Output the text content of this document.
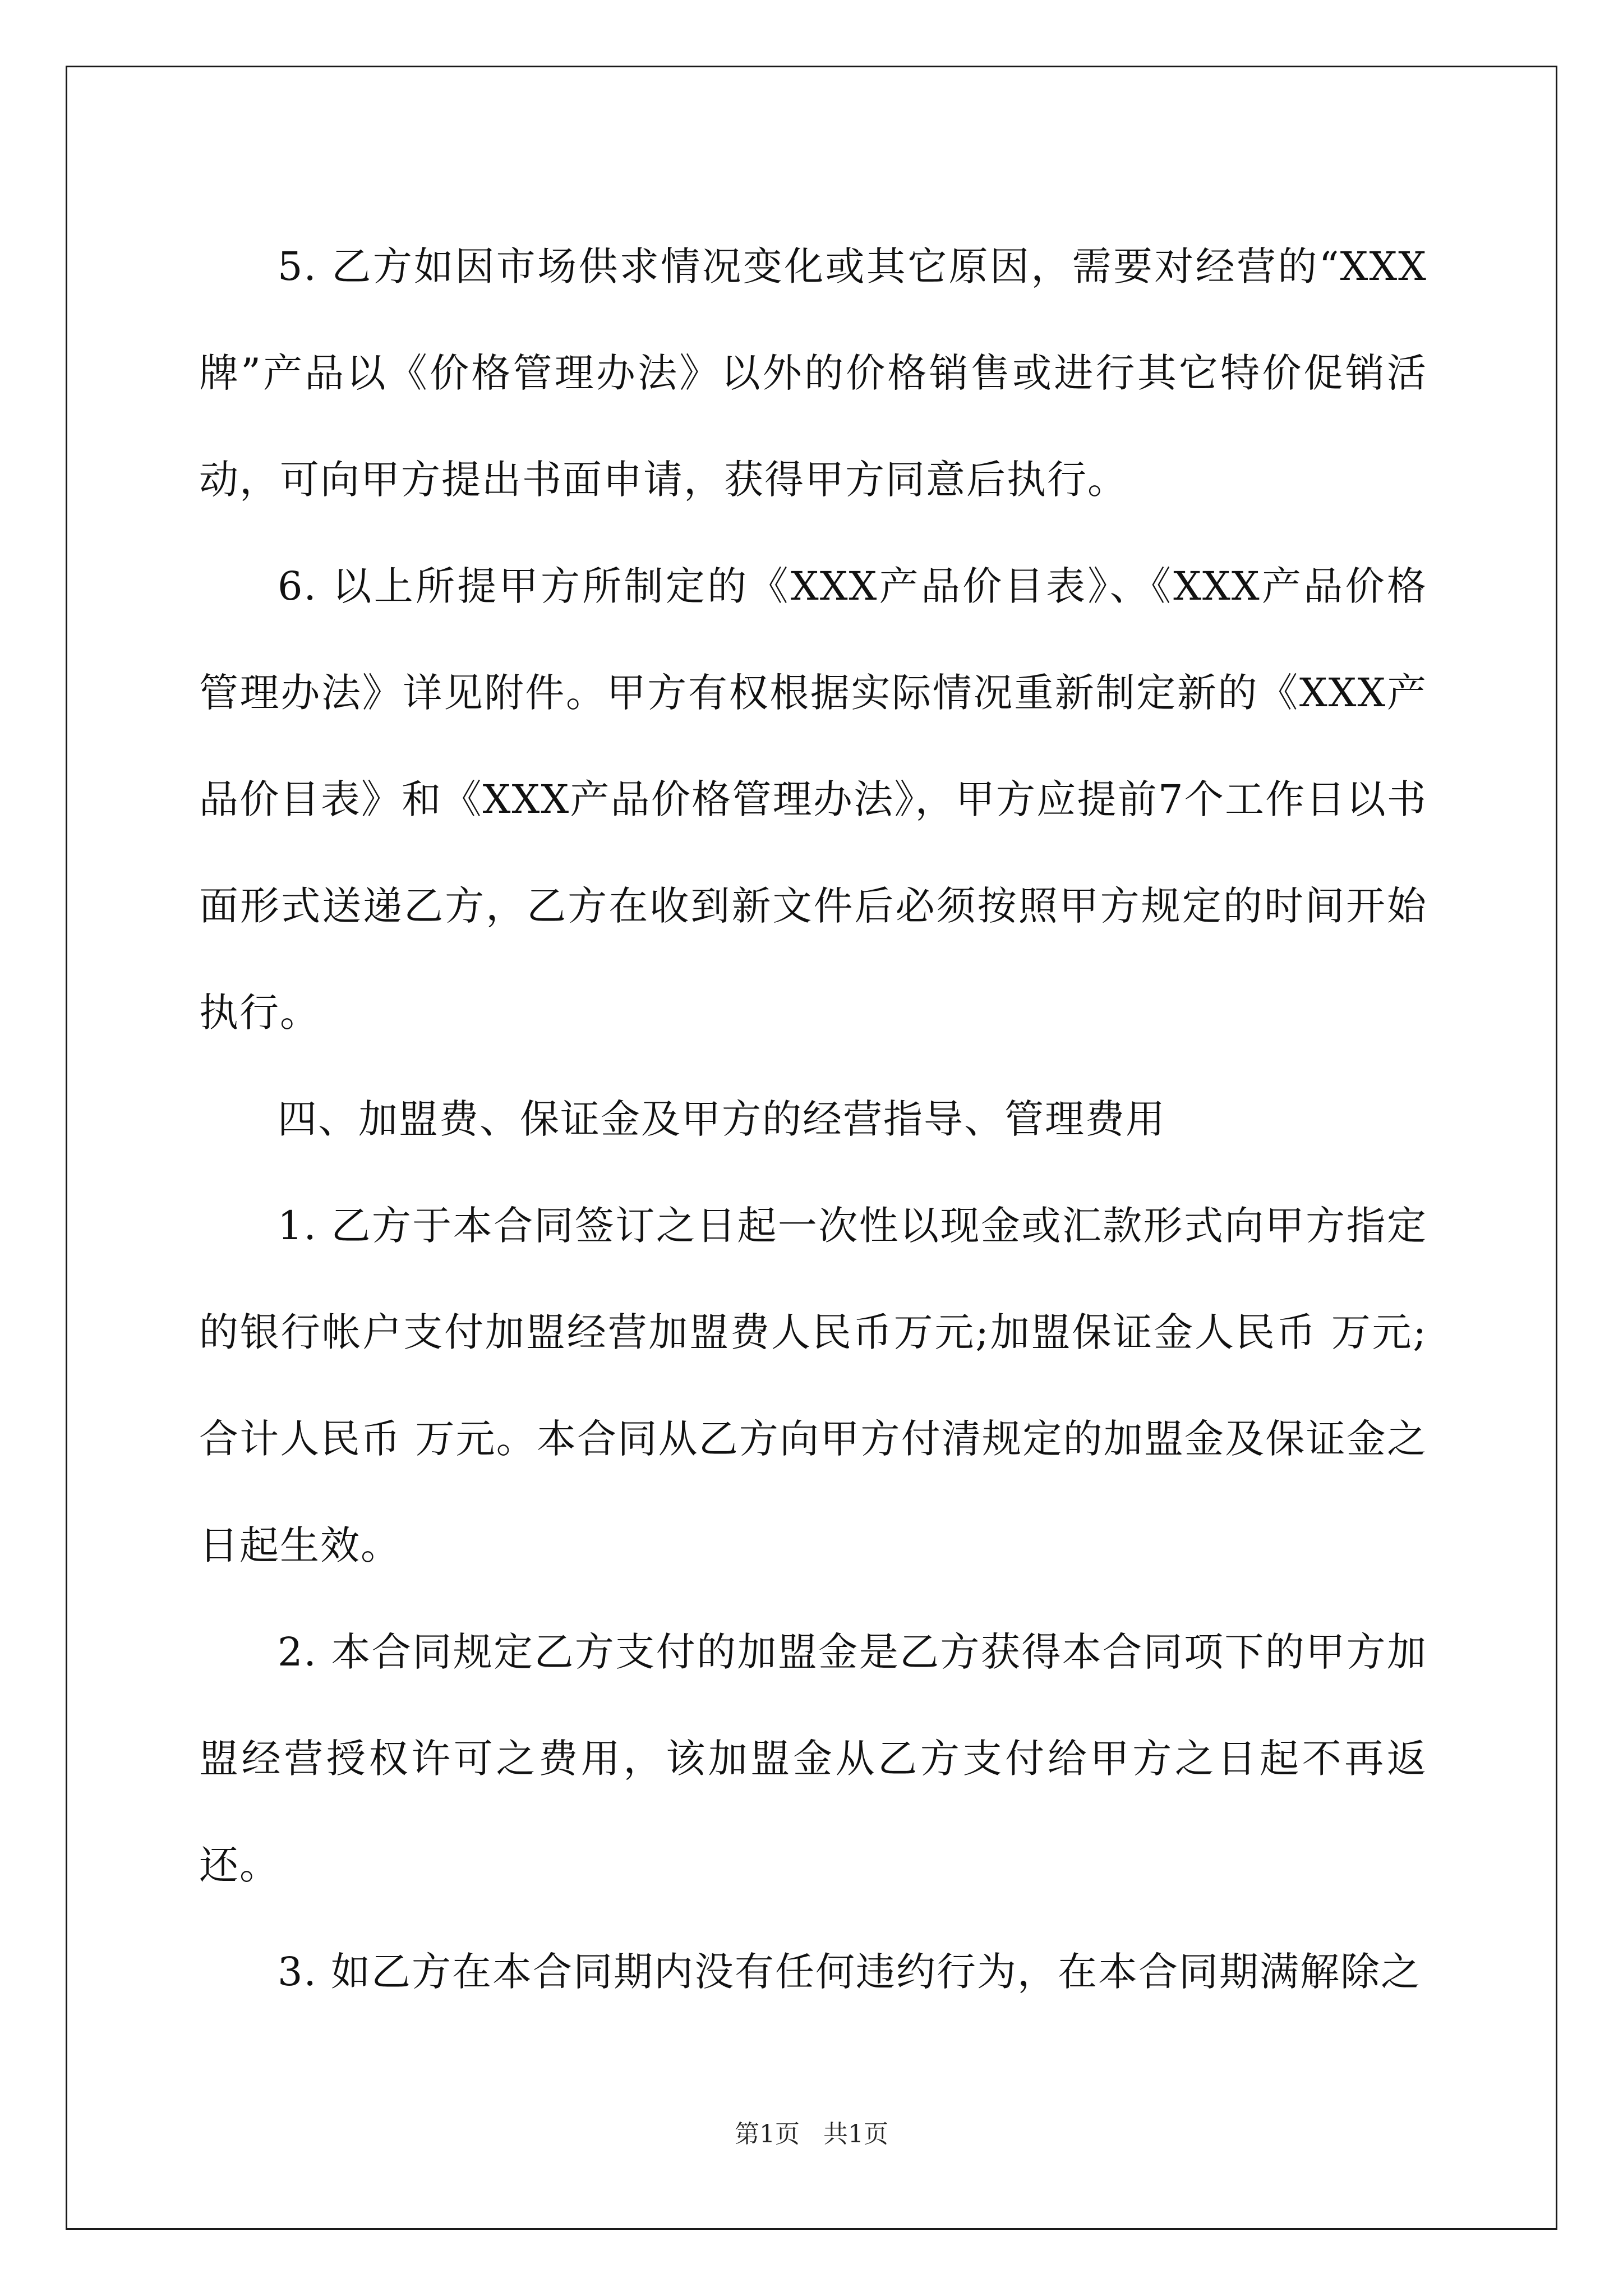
5. 乙方如因市场供求情况变化或其它原因，需要对经营的“XXX牌”产品以《价格管理办法》以外的价格销售或进行其它特价促销活动，可向甲方提出书面申请，获得甲方同意后执行。

6. 以上所提甲方所制定的《XXX产品价目表》、《XXX产品价格管理办法》详见附件。甲方有权根据实际情况重新制定新的《XXX产品价目表》和《XXX产品价格管理办法》，甲方应提前7个工作日以书面形式送递乙方，乙方在收到新文件后必须按照甲方规定的时间开始执行。

四、加盟费、保证金及甲方的经营指导、管理费用

1. 乙方于本合同签订之日起一次性以现金或汇款形式向甲方指定的银行帐户支付加盟经营加盟费人民币万元;加盟保证金人民币 万元;合计人民币 万元。本合同从乙方向甲方付清规定的加盟金及保证金之日起生效。

2. 本合同规定乙方支付的加盟金是乙方获得本合同项下的甲方加盟经营授权许可之费用，该加盟金从乙方支付给甲方之日起不再返还。

3. 如乙方在本合同期内没有任何违约行为，在本合同期满解除之

第1页   共1页
